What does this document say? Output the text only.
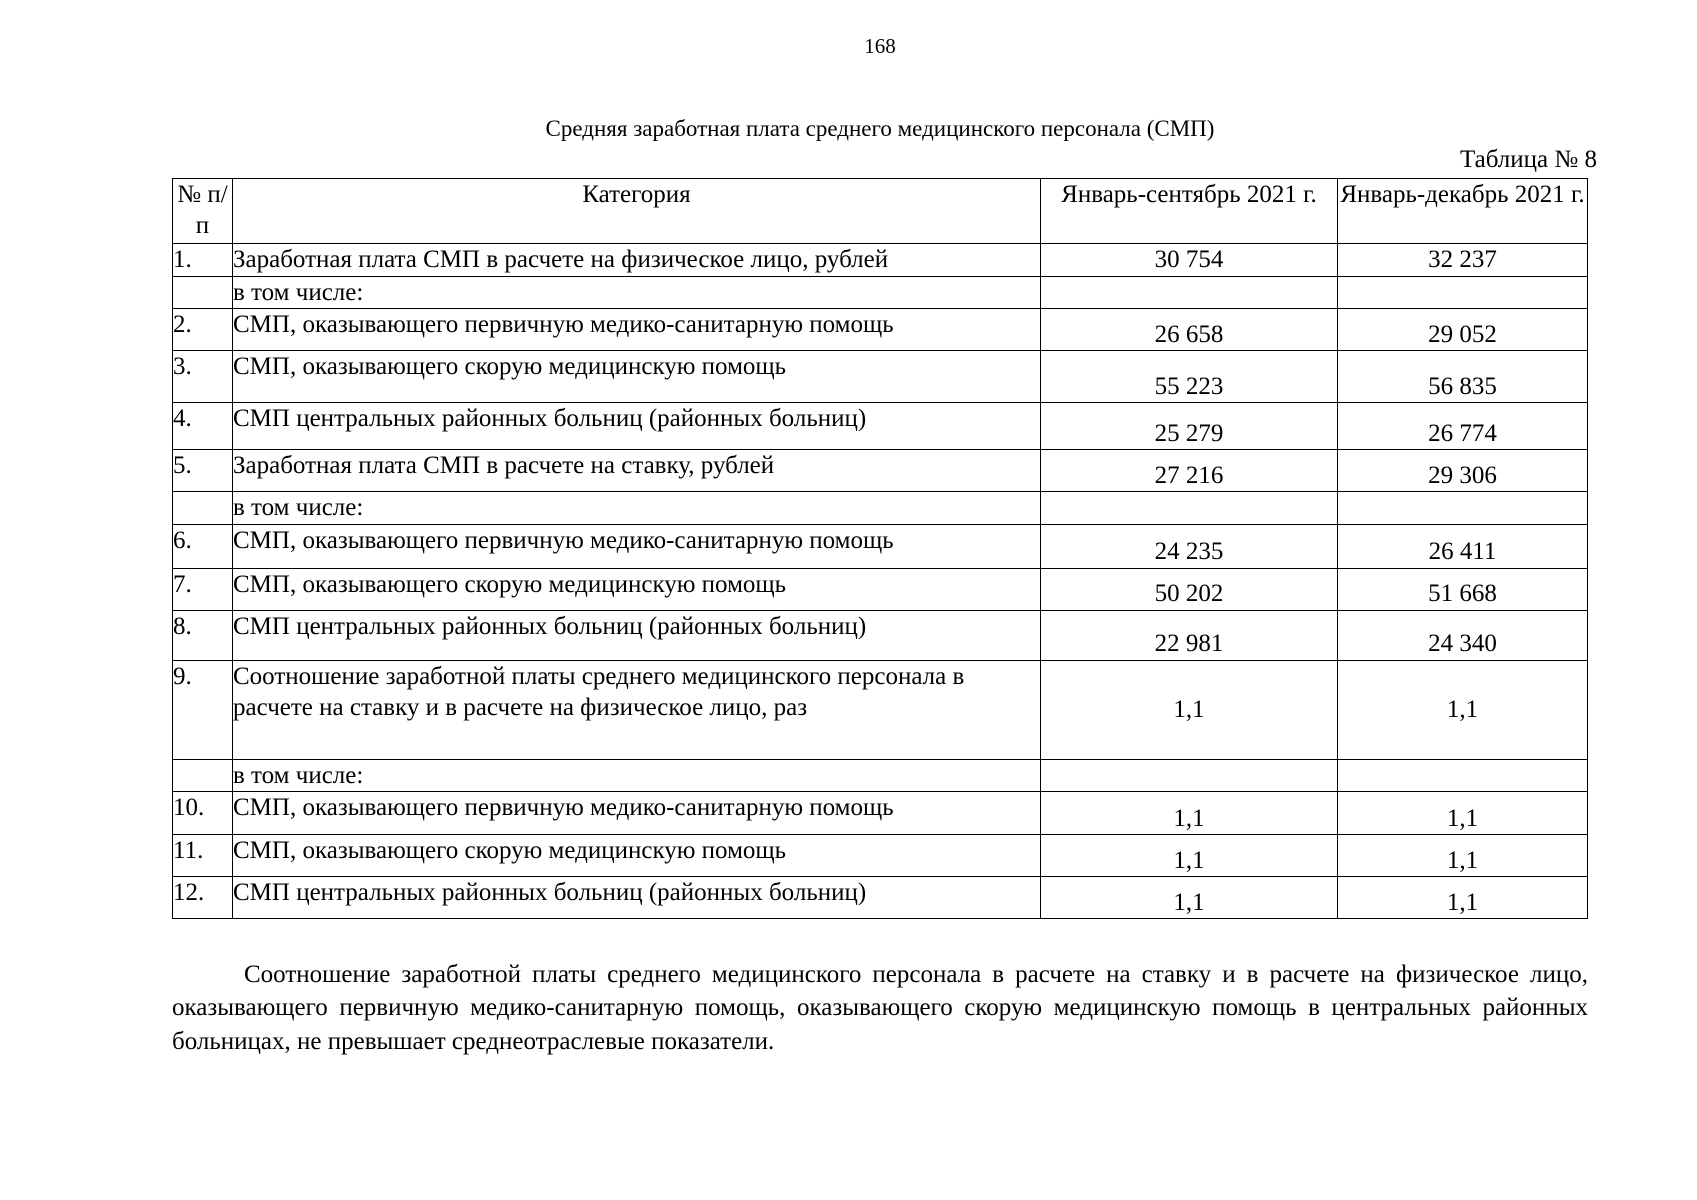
168
Средняя заработная плата среднего медицинского персонала (СМП)
Таблица № 8
№ п/п	Категория	Январь-сентябрь 2021 г.	Январь-декабрь 2021 г.
1.	Заработная плата СМП в расчете на физическое лицо, рублей	30 754	32 237
	в том числе:		
2.	СМП, оказывающего первичную медико-санитарную помощь	26 658	29 052
3.	СМП, оказывающего скорую медицинскую помощь	55 223	56 835
4.	СМП центральных районных больниц (районных больниц)	25 279	26 774
5.	Заработная плата СМП в расчете на ставку, рублей	27 216	29 306
	в том числе:		
6.	СМП, оказывающего первичную медико-санитарную помощь	24 235	26 411
7.	СМП, оказывающего скорую медицинскую помощь	50 202	51 668
8.	СМП центральных районных больниц (районных больниц)	22 981	24 340
9.	Соотношение заработной платы среднего медицинского персонала в расчете на ставку и в расчете на физическое лицо, раз	1,1	1,1
	в том числе:		
10.	СМП, оказывающего первичную медико-санитарную помощь	1,1	1,1
11.	СМП, оказывающего скорую медицинскую помощь	1,1	1,1
12.	СМП центральных районных больниц (районных больниц)	1,1	1,1
Соотношение заработной платы среднего медицинского персонала в расчете на ставку и в расчете на физическое лицо, оказывающего первичную медико-санитарную помощь, оказывающего скорую медицинскую помощь в центральных районных больницах, не превышает среднеотраслевые показатели.
